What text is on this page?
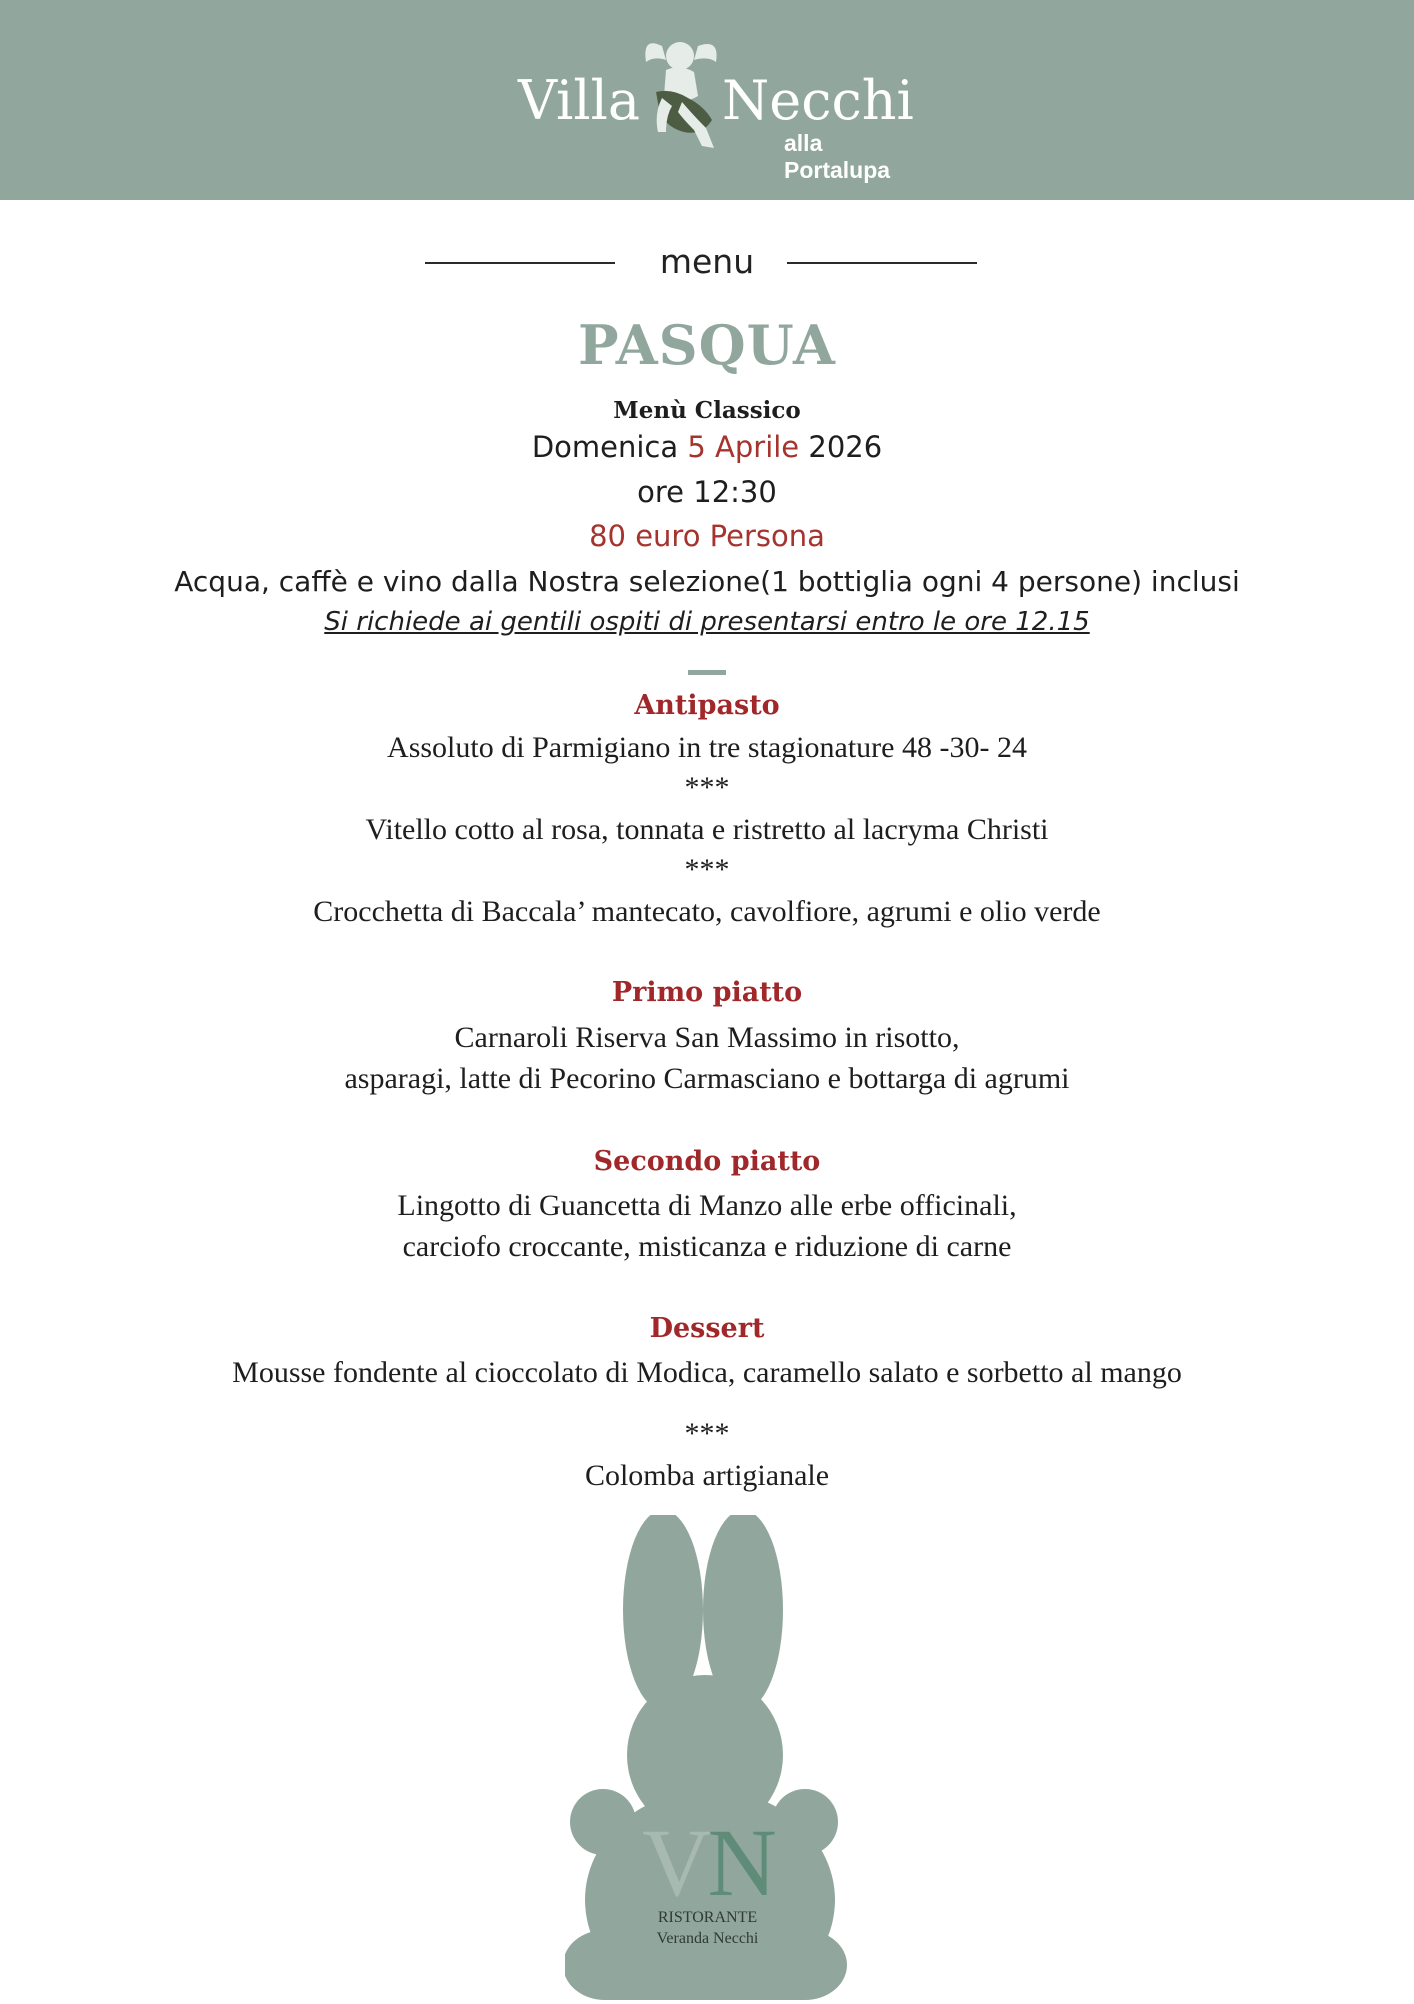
Villa Necchi
alla Portalupa
menu
PASQUA
Menù Classico
Domenica 5 Aprile 2026
ore 12:30
80 euro Persona
Acqua, caffè e vino dalla Nostra selezione(1 bottiglia ogni 4 persone) inclusi
Si richiede ai gentili ospiti di presentarsi entro le ore 12.15
Antipasto
Assoluto di Parmigiano in tre stagionature 48 -30- 24
***
Vitello cotto al rosa, tonnata e ristretto al lacryma Christi
***
Crocchetta di Baccala’ mantecato, cavolfiore, agrumi e olio verde
Primo piatto
Carnaroli Riserva San Massimo in risotto,
asparagi, latte di Pecorino Carmasciano e bottarga di agrumi
Secondo piatto
Lingotto di Guancetta di Manzo alle erbe officinali,
carciofo croccante, misticanza e riduzione di carne
Dessert
Mousse fondente al cioccolato di Modica, caramello salato e sorbetto al mango
***
Colomba artigianale
VN
RISTORANTE
Veranda Necchi
